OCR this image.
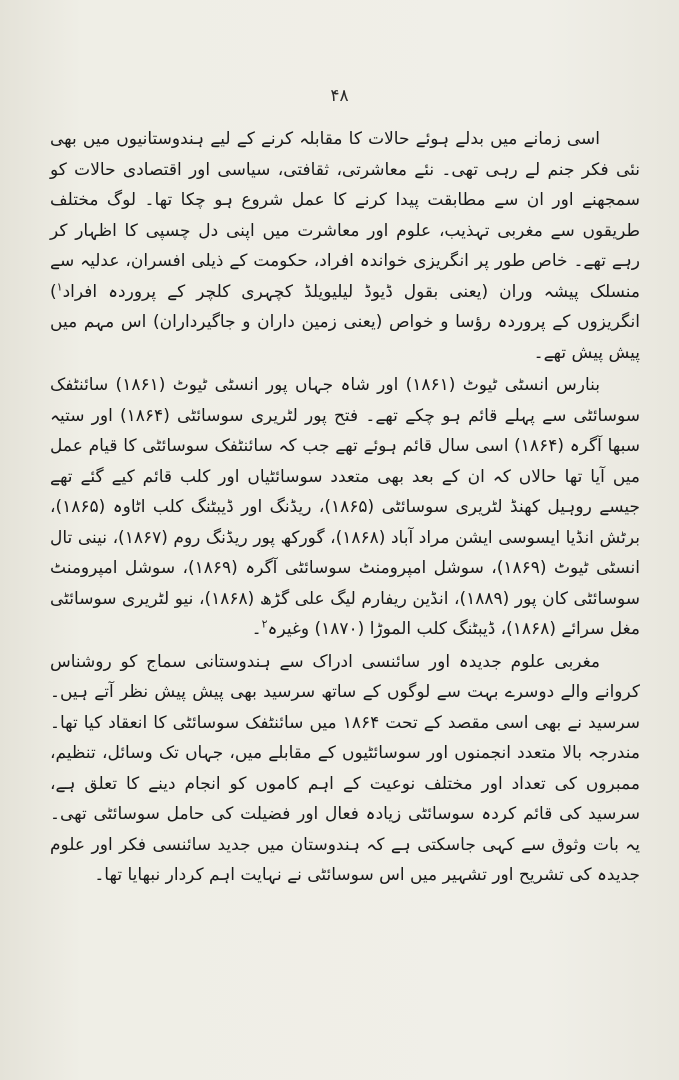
۴۸

اسی زمانے میں بدلے ہوئے حالات کا مقابلہ کرنے کے لیے ہندوستانیوں میں بھی نئی فکر جنم لے رہی تھی۔ نئے معاشرتی، ثقافتی، سیاسی اور اقتصادی حالات کو سمجھنے اور ان سے مطابقت پیدا کرنے کا عمل شروع ہو چکا تھا۔ لوگ مختلف طریقوں سے مغربی تہذیب، علوم اور معاشرت میں اپنی دل چسپی کا اظہار کر رہے تھے۔ خاص طور پر انگریزی خواندہ افراد، حکومت کے ذیلی افسران، عدلیہ سے منسلک پیشہ وران (یعنی بقول ڈیوڈ لیلیویلڈ کچہری کلچر کے پروردہ افراد$^۱$) انگریزوں کے پروردہ رؤسا و خواص (یعنی زمین داران و جاگیرداران) اس مہم میں پیش پیش تھے۔

بنارس انسٹی ٹیوٹ (۱۸۶۱) اور شاہ جہاں پور انسٹی ٹیوٹ (۱۸۶۱) سائنٹفک سوسائٹی سے پہلے قائم ہو چکے تھے۔ فتح پور لٹریری سوسائٹی (۱۸۶۴) اور ستیہ سبھا آگرہ (۱۸۶۴) اسی سال قائم ہوئے تھے جب کہ سائنٹفک سوسائٹی کا قیام عمل میں آیا تھا حالاں کہ ان کے بعد بھی متعدد سوسائٹیاں اور کلب قائم کیے گئے تھے جیسے روہیل کھنڈ لٹریری سوسائٹی (۱۸۶۵)، ریڈنگ اور ڈیبٹنگ کلب اٹاوہ (۱۸۶۵)، برٹش انڈیا ایسوسی ایشن مراد آباد (۱۸۶۸)، گورکھ پور ریڈنگ روم (۱۸۶۷)، نینی تال انسٹی ٹیوٹ (۱۸۶۹)، سوشل امپرومنٹ سوسائٹی آگرہ (۱۸۶۹)، سوشل امپرومنٹ سوسائٹی کان پور (۱۸۸۹)، انڈین ریفارم لیگ علی گڑھ (۱۸۶۸)، نیو لٹریری سوسائٹی مغل سرائے (۱۸۶۸)، ڈیبٹنگ کلب الموڑا (۱۸۷۰) وغیرہ$^۲$۔

مغربی علوم جدیدہ اور سائنسی ادراک سے ہندوستانی سماج کو روشناس کروانے والے دوسرے بہت سے لوگوں کے ساتھ سرسید بھی پیش پیش نظر آتے ہیں۔ سرسید نے بھی اسی مقصد کے تحت ۱۸۶۴ میں سائنٹفک سوسائٹی کا انعقاد کیا تھا۔ مندرجہ بالا متعدد انجمنوں اور سوسائٹیوں کے مقابلے میں، جہاں تک وسائل، تنظیم، ممبروں کی تعداد اور مختلف نوعیت کے اہم کاموں کو انجام دینے کا تعلق ہے، سرسید کی قائم کردہ سوسائٹی زیادہ فعال اور فضیلت کی حامل سوسائٹی تھی۔ یہ بات وثوق سے کہی جاسکتی ہے کہ ہندوستان میں جدید سائنسی فکر اور علوم جدیدہ کی تشریح اور تشہیر میں اس سوسائٹی نے نہایت اہم کردار نبھایا تھا۔
